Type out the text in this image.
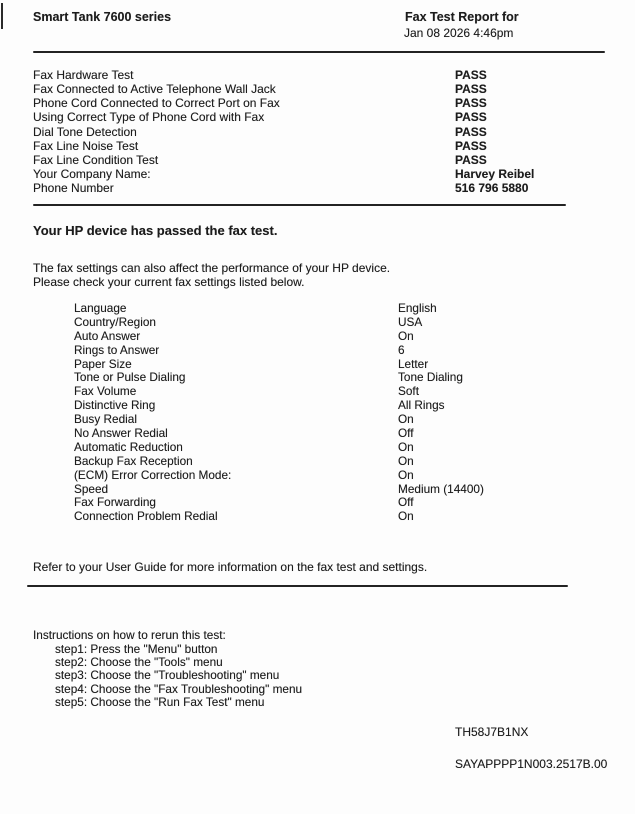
Smart Tank 7600 series	Fax Test Report for
Jan 08 2026 4:46pm
Fax Hardware Test	PASS
Fax Connected to Active Telephone Wall Jack	PASS
Phone Cord Connected to Correct Port on Fax	PASS
Using Correct Type of Phone Cord with Fax	PASS
Dial Tone Detection	PASS
Fax Line Noise Test	PASS
Fax Line Condition Test	PASS
Your Company Name:	Harvey Reibel
Phone Number	516 796 5880
Your HP device has passed the fax test.
The fax settings can also affect the performance of your HP device.
Please check your current fax settings listed below.
Language	English
Country/Region	USA
Auto Answer	On
Rings to Answer	6
Paper Size	Letter
Tone or Pulse Dialing	Tone Dialing
Fax Volume	Soft
Distinctive Ring	All Rings
Busy Redial	On
No Answer Redial	Off
Automatic Reduction	On
Backup Fax Reception	On
(ECM) Error Correction Mode:	On
Speed	Medium (14400)
Fax Forwarding	Off
Connection Problem Redial	On
Refer to your User Guide for more information on the fax test and settings.
Instructions on how to rerun this test:
step1: Press the "Menu" button
step2: Choose the "Tools" menu
step3: Choose the "Troubleshooting" menu
step4: Choose the "Fax Troubleshooting" menu
step5: Choose the "Run Fax Test" menu
TH58J7B1NX
SAYAPPPP1N003.2517B.00
